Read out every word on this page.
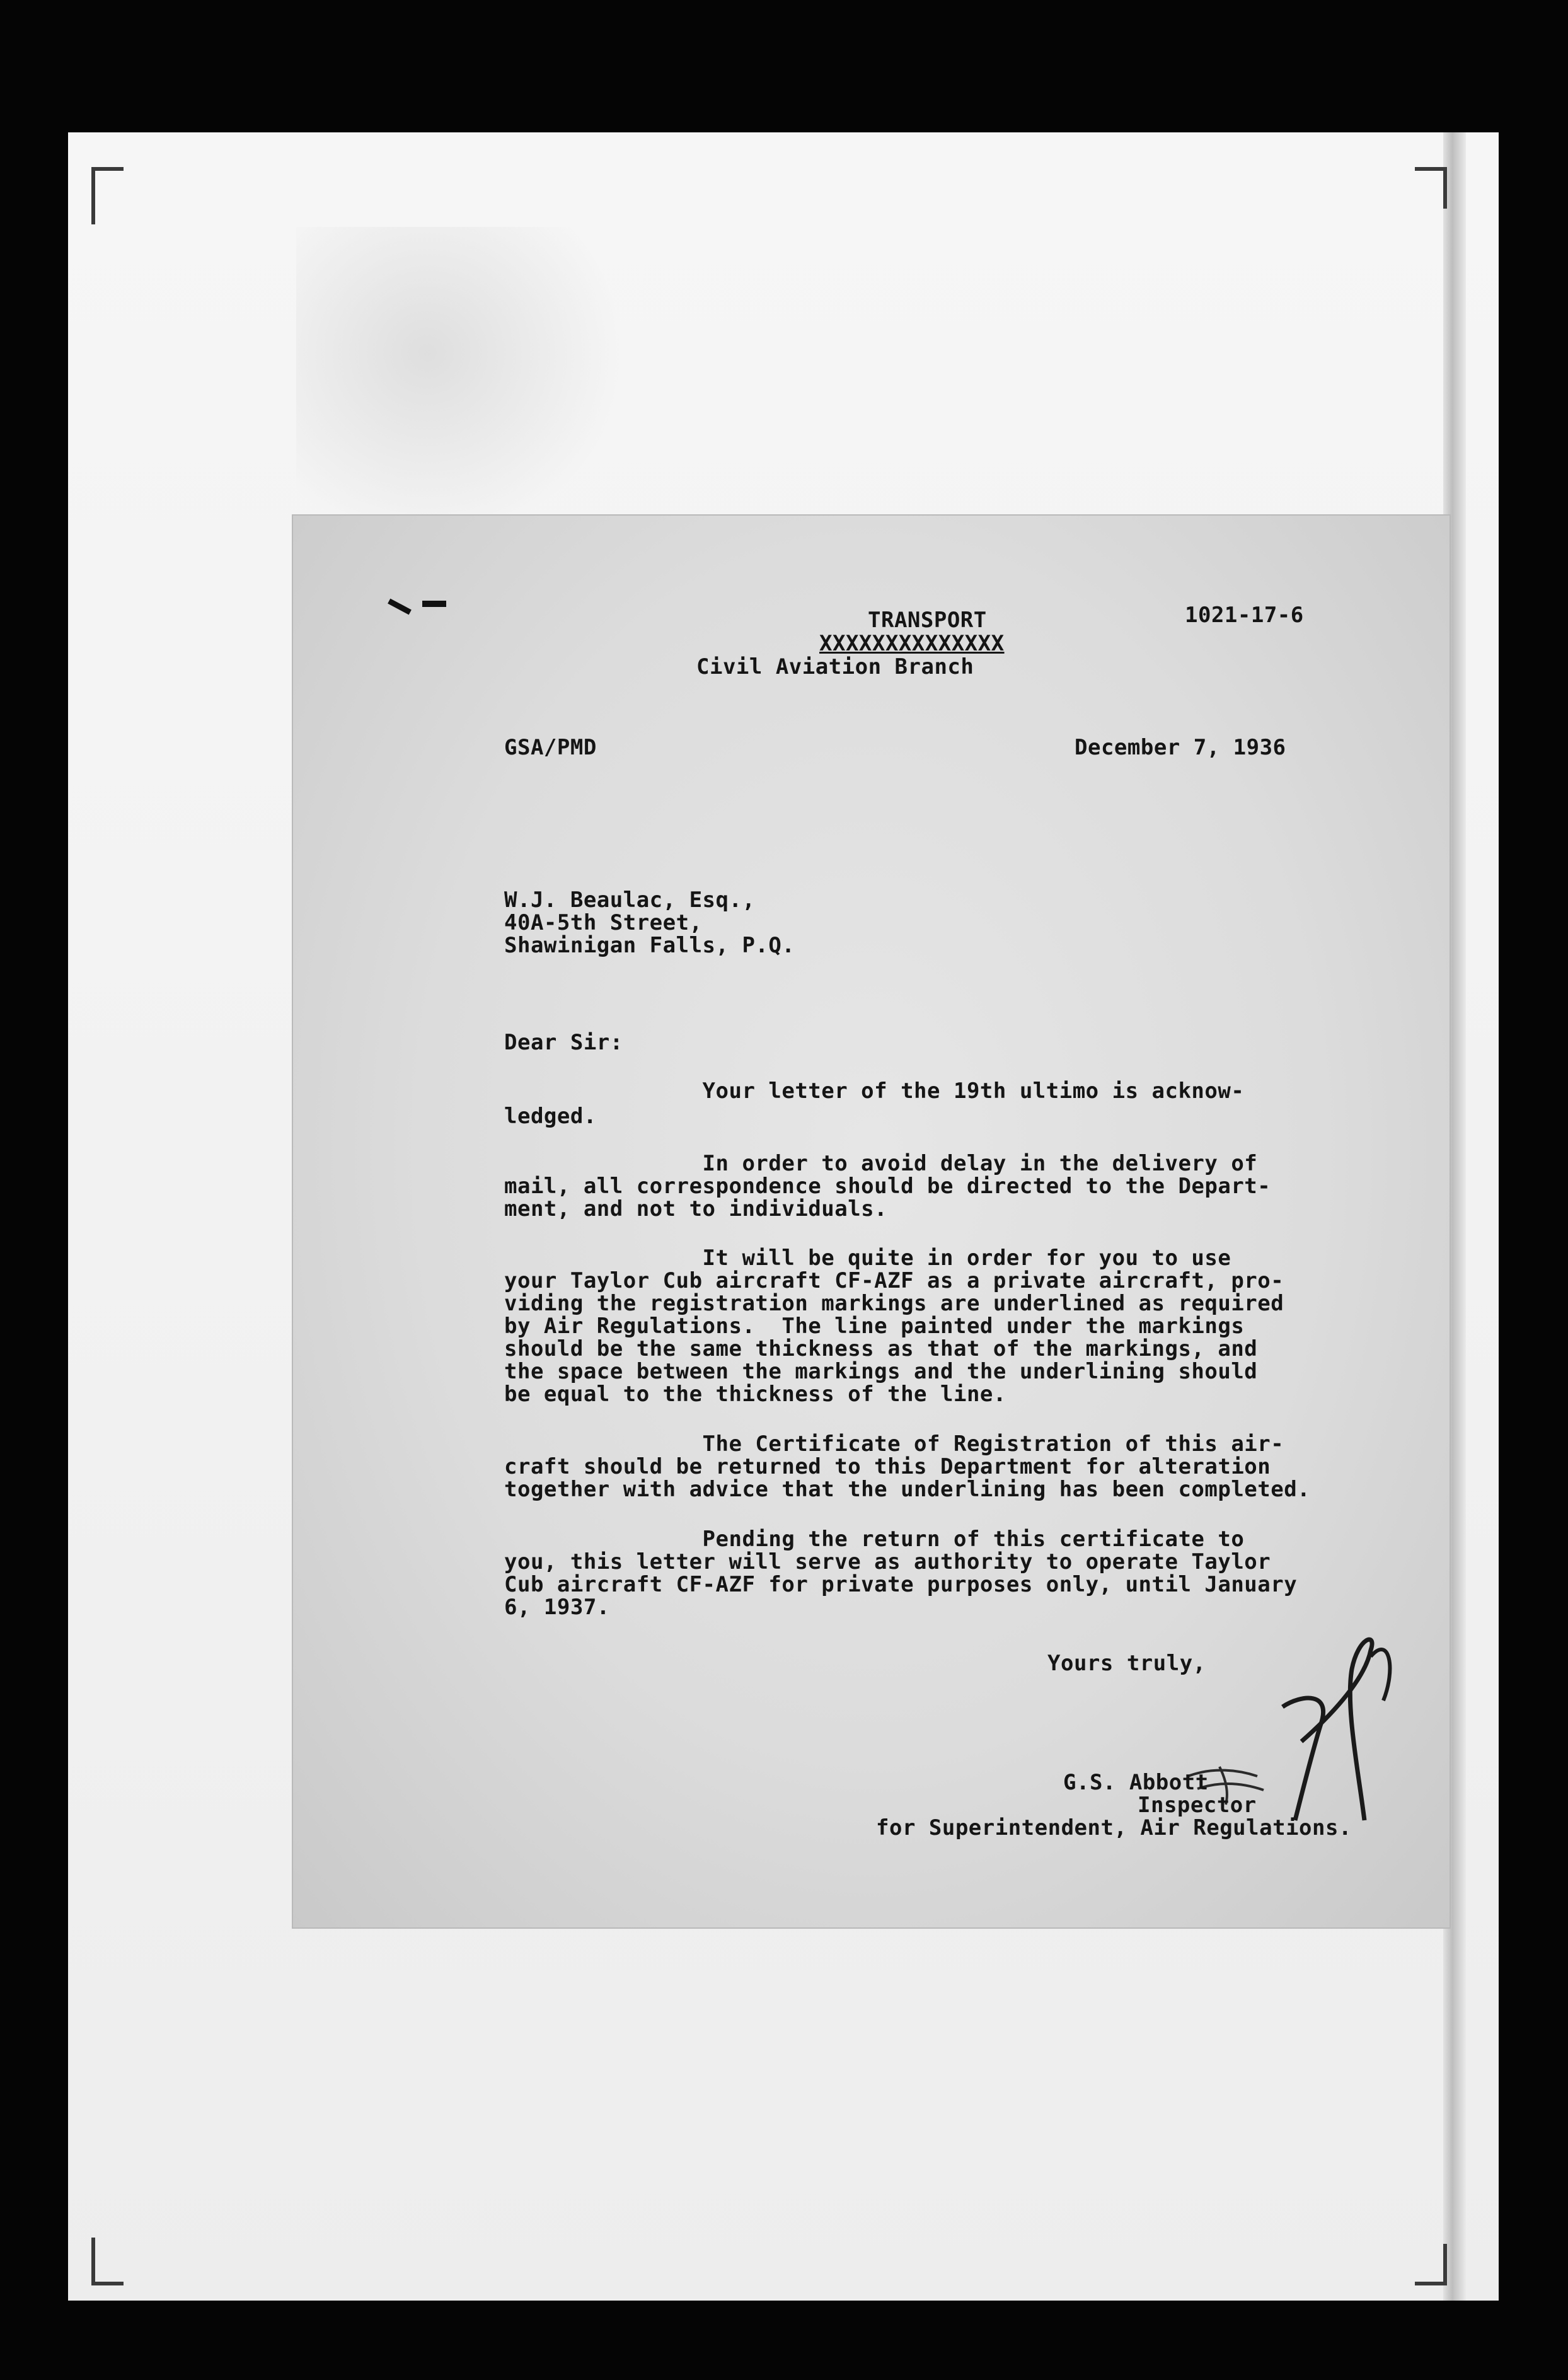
1021-17-6
TRANSPORT
XXXXXXXXXXXXXX
Civil Aviation Branch
GSA/PMD	December 7, 1936
W.J. Beaulac, Esq.,
40A-5th Street,
Shawinigan Falls, P.Q.
Dear Sir:
Your letter of the 19th ultimo is acknow-
ledged.
In order to avoid delay in the delivery of
mail, all correspondence should be directed to the Depart-
ment, and not to individuals.
It will be quite in order for you to use
your Taylor Cub aircraft CF-AZF as a private aircraft, pro-
viding the registration markings are underlined as required
by Air Regulations.  The line painted under the markings
should be the same thickness as that of the markings, and
the space between the markings and the underlining should
be equal to the thickness of the line.
The Certificate of Registration of this air-
craft should be returned to this Department for alteration
together with advice that the underlining has been completed.
Pending the return of this certificate to
you, this letter will serve as authority to operate Taylor
Cub aircraft CF-AZF for private purposes only, until January
6, 1937.
Yours truly,
G.S. Abbott
Inspector
for Superintendent, Air Regulations.
